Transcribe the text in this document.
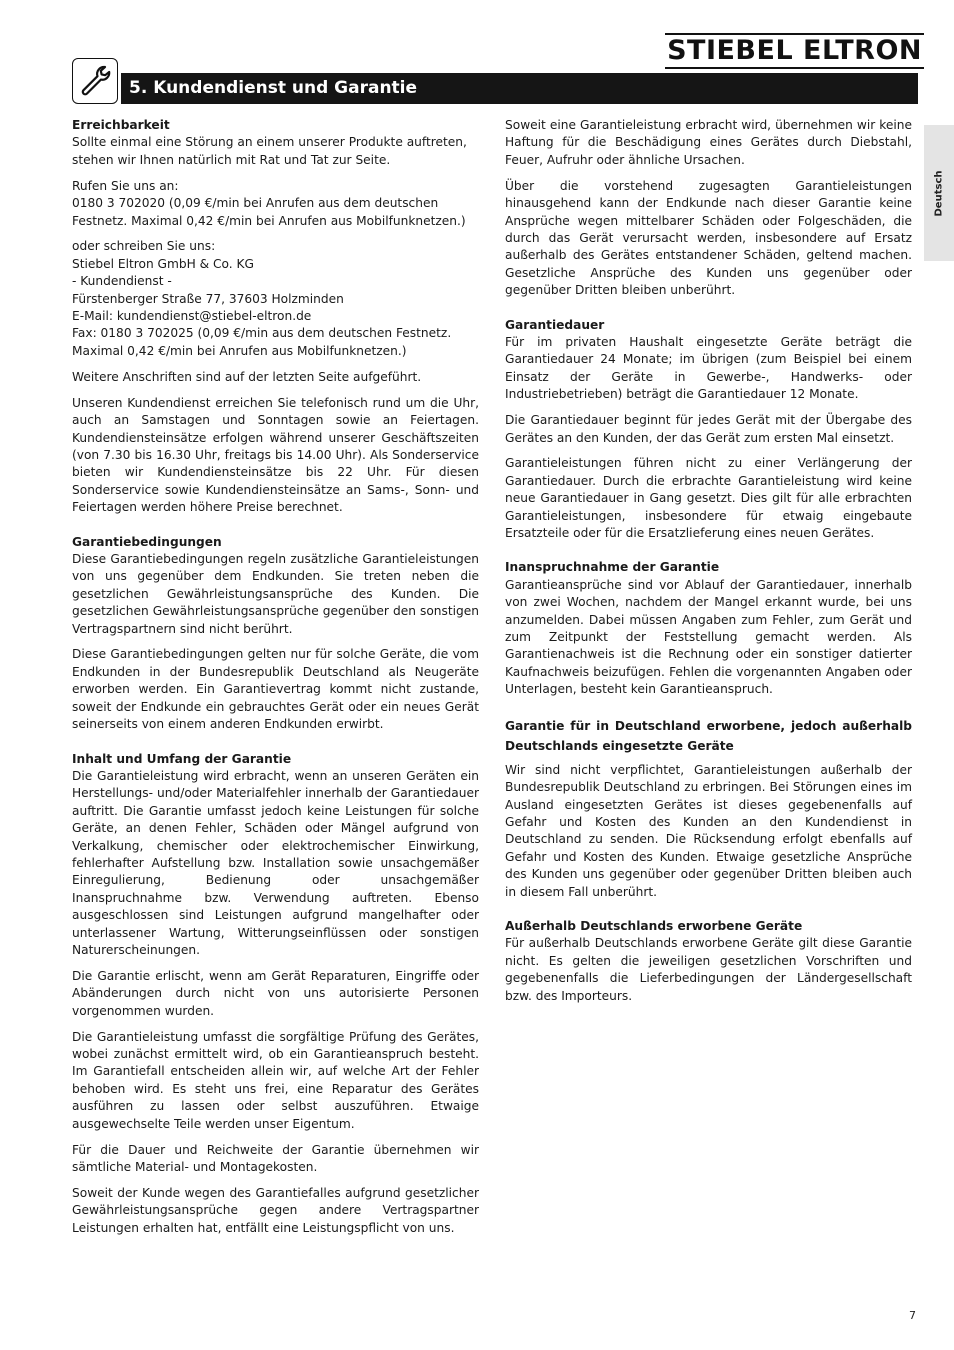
STIEBEL ELTRON
5. Kundendienst und Garantie
Deutsch
Erreichbarkeit

Sollte einmal eine Störung an einem unserer Produkte auftreten, stehen wir Ihnen natürlich mit Rat und Tat zur Seite.

Rufen Sie uns an:

0180 3 702020 (0,09 €/min bei Anrufen aus dem deutschen Festnetz. Maximal 0,42 €/min bei Anrufen aus Mobilfunknetzen.)

oder schreiben Sie uns:
Stiebel Eltron GmbH & Co. KG
- Kundendienst -
Fürstenberger Straße 77, 37603 Holzminden
E-Mail: kundendienst@stiebel-eltron.de

Fax: 0180 3 702025 (0,09 €/min aus dem deutschen Festnetz. Maximal 0,42 €/min bei Anrufen aus Mobilfunknetzen.)

Weitere Anschriften sind auf der letzten Seite aufgeführt.

Unseren Kundendienst erreichen Sie telefonisch rund um die Uhr, auch an Samstagen und Sonntagen sowie an Feiertagen. Kundendiensteinsätze erfolgen während unserer Geschäftszeiten (von 7.30 bis 16.30 Uhr, freitags bis 14.00 Uhr). Als Sonderservice bieten wir Kundendiensteinsätze bis 22 Uhr. Für diesen Sonderservice sowie Kundendiensteinsätze an Sams-, Sonn- und Feiertagen werden höhere Preise berechnet.

Garantiebedingungen

Diese Garantiebedingungen regeln zusätzliche Garantieleistungen von uns gegenüber dem Endkunden. Sie treten neben die gesetzlichen Gewährleistungsansprüche des Kunden. Die gesetzlichen Gewährleistungsansprüche gegenüber den sonstigen Vertragspartnern sind nicht berührt.

Diese Garantiebedingungen gelten nur für solche Geräte, die vom Endkunden in der Bundesrepublik Deutschland als Neugeräte erworben werden. Ein Garantievertrag kommt nicht zustande, soweit der Endkunde ein gebrauchtes Gerät oder ein neues Gerät seinerseits von einem anderen Endkunden erwirbt.

Inhalt und Umfang der Garantie

Die Garantieleistung wird erbracht, wenn an unseren Geräten ein Herstellungs- und/oder Materialfehler innerhalb der Garantiedauer auftritt. Die Garantie umfasst jedoch keine Leistungen für solche Geräte, an denen Fehler, Schäden oder Mängel aufgrund von Verkalkung, chemischer oder elektrochemischer Einwirkung, fehlerhafter Aufstellung bzw. Installation sowie unsachgemäßer Einregulierung, Bedienung oder unsachgemäßer Inanspruchnahme bzw. Verwendung auftreten. Ebenso ausgeschlossen sind Leistungen aufgrund mangelhafter oder unterlassener Wartung, Witterungseinflüssen oder sonstigen Naturerscheinungen.

Die Garantie erlischt, wenn am Gerät Reparaturen, Eingriffe oder Abänderungen durch nicht von uns autorisierte Personen vorgenommen wurden.

Die Garantieleistung umfasst die sorgfältige Prüfung des Gerätes, wobei zunächst ermittelt wird, ob ein Garantieanspruch besteht. Im Garantiefall entscheiden allein wir, auf welche Art der Fehler behoben wird. Es steht uns frei, eine Reparatur des Gerätes ausführen zu lassen oder selbst auszuführen. Etwaige ausgewechselte Teile werden unser Eigentum.

Für die Dauer und Reichweite der Garantie übernehmen wir sämtliche Material- und Montagekosten.

Soweit der Kunde wegen des Garantiefalles aufgrund gesetzlicher Gewährleistungsansprüche gegen andere Vertragspartner Leistungen erhalten hat, entfällt eine Leistungspflicht von uns.

Soweit eine Garantieleistung erbracht wird, übernehmen wir keine Haftung für die Beschädigung eines Gerätes durch Diebstahl, Feuer, Aufruhr oder ähnliche Ursachen.

Über die vorstehend zugesagten Garantieleistungen hinausgehend kann der Endkunde nach dieser Garantie keine Ansprüche wegen mittelbarer Schäden oder Folgeschäden, die durch das Gerät verursacht werden, insbesondere auf Ersatz außerhalb des Gerätes entstandener Schäden, geltend machen. Gesetzliche Ansprüche des Kunden uns gegenüber oder gegenüber Dritten bleiben unberührt.

Garantiedauer

Für im privaten Haushalt eingesetzte Geräte beträgt die Garantiedauer 24 Monate; im übrigen (zum Beispiel bei einem Einsatz der Geräte in Gewerbe-, Handwerks- oder Industriebetrieben) beträgt die Garantiedauer 12 Monate.

Die Garantiedauer beginnt für jedes Gerät mit der Übergabe des Gerätes an den Kunden, der das Gerät zum ersten Mal einsetzt.

Garantieleistungen führen nicht zu einer Verlängerung der Garantiedauer. Durch die erbrachte Garantieleistung wird keine neue Garantiedauer in Gang gesetzt. Dies gilt für alle erbrachten Garantieleistungen, insbesondere für etwaig eingebaute Ersatzteile oder für die Ersatzlieferung eines neuen Gerätes.

Inanspruchnahme der Garantie

Garantieansprüche sind vor Ablauf der Garantiedauer, innerhalb von zwei Wochen, nachdem der Mangel erkannt wurde, bei uns anzumelden. Dabei müssen Angaben zum Fehler, zum Gerät und zum Zeitpunkt der Feststellung gemacht werden. Als Garantienachweis ist die Rechnung oder ein sonstiger datierter Kaufnachweis beizufügen. Fehlen die vorgenannten Angaben oder Unterlagen, besteht kein Garantieanspruch.

Garantie für in Deutschland erworbene, jedoch außerhalb Deutschlands eingesetzte Geräte

Wir sind nicht verpflichtet, Garantieleistungen außerhalb der Bundesrepublik Deutschland zu erbringen. Bei Störungen eines im Ausland eingesetzten Gerätes ist dieses gegebenenfalls auf Gefahr und Kosten des Kunden an den Kundendienst in Deutschland zu senden. Die Rücksendung erfolgt ebenfalls auf Gefahr und Kosten des Kunden. Etwaige gesetzliche Ansprüche des Kunden uns gegenüber oder gegenüber Dritten bleiben auch in diesem Fall unberührt.

Außerhalb Deutschlands erworbene Geräte

Für außerhalb Deutschlands erworbene Geräte gilt diese Garantie nicht. Es gelten die jeweiligen gesetzlichen Vorschriften und gegebenenfalls die Lieferbedingungen der Ländergesellschaft bzw. des Importeurs.

7
